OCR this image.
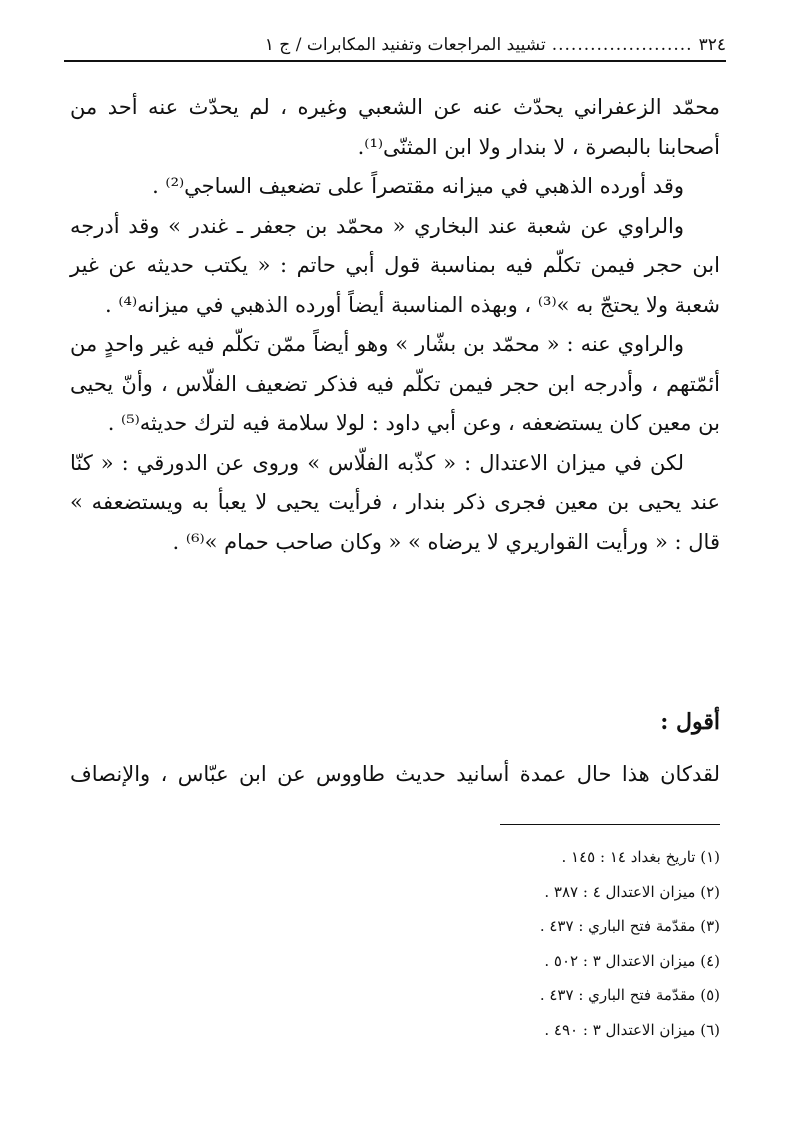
٣٢٤
......................
تشييد المراجعات وتفنيد المكابرات / ج ١

محمّد الزعفراني يحدّث عنه عن الشعبي وغيره ، لم يحدّث عنه أحد من أصحابنا بالبصرة ، لا بندار ولا ابن المثنّى⁽¹⁾.

وقد أورده الذهبي في ميزانه مقتصراً على تضعيف الساجي⁽²⁾ .

والراوي عن شعبة عند البخاري « محمّد بن جعفر ـ غندر » وقد أدرجه ابن حجر فيمن تكلّم فيه بمناسبة قول أبي حاتم : « يكتب حديثه عن غير شعبة ولا يحتجّ به »⁽³⁾ ، وبهذه المناسبة أيضاً أورده الذهبي في ميزانه⁽⁴⁾ .

والراوي عنه : « محمّد بن بشّار » وهو أيضاً ممّن تكلّم فيه غير واحدٍ من أئمّتهم ، وأدرجه ابن حجر فيمن تكلّم فيه فذكر تضعيف الفلّاس ، وأنّ يحيى بن معين كان يستضعفه ، وعن أبي داود : لولا سلامة فيه لترك حديثه⁽⁵⁾ .

لكن في ميزان الاعتدال : « كذّبه الفلّاس » وروى عن الدورقي : « كنّا عند يحيى بن معين فجرى ذكر بندار ، فرأيت يحيى لا يعبأ به ويستضعفه » قال : « ورأيت القواريري لا يرضاه » « وكان صاحب حمام »⁽⁶⁾ .

أقول :
لقدكان هذا حال عمدة أسانيد حديث طاووس عن ابن عبّاس ، والإنصاف
(١) تاريخ بغداد ١٤ : ١٤٥ .
(٢) ميزان الاعتدال ٤ : ٣٨٧ .
(٣) مقدّمة فتح الباري : ٤٣٧ .
(٤) ميزان الاعتدال ٣ : ٥٠٢ .
(٥) مقدّمة فتح الباري : ٤٣٧ .
(٦) ميزان الاعتدال ٣ : ٤٩٠ .
